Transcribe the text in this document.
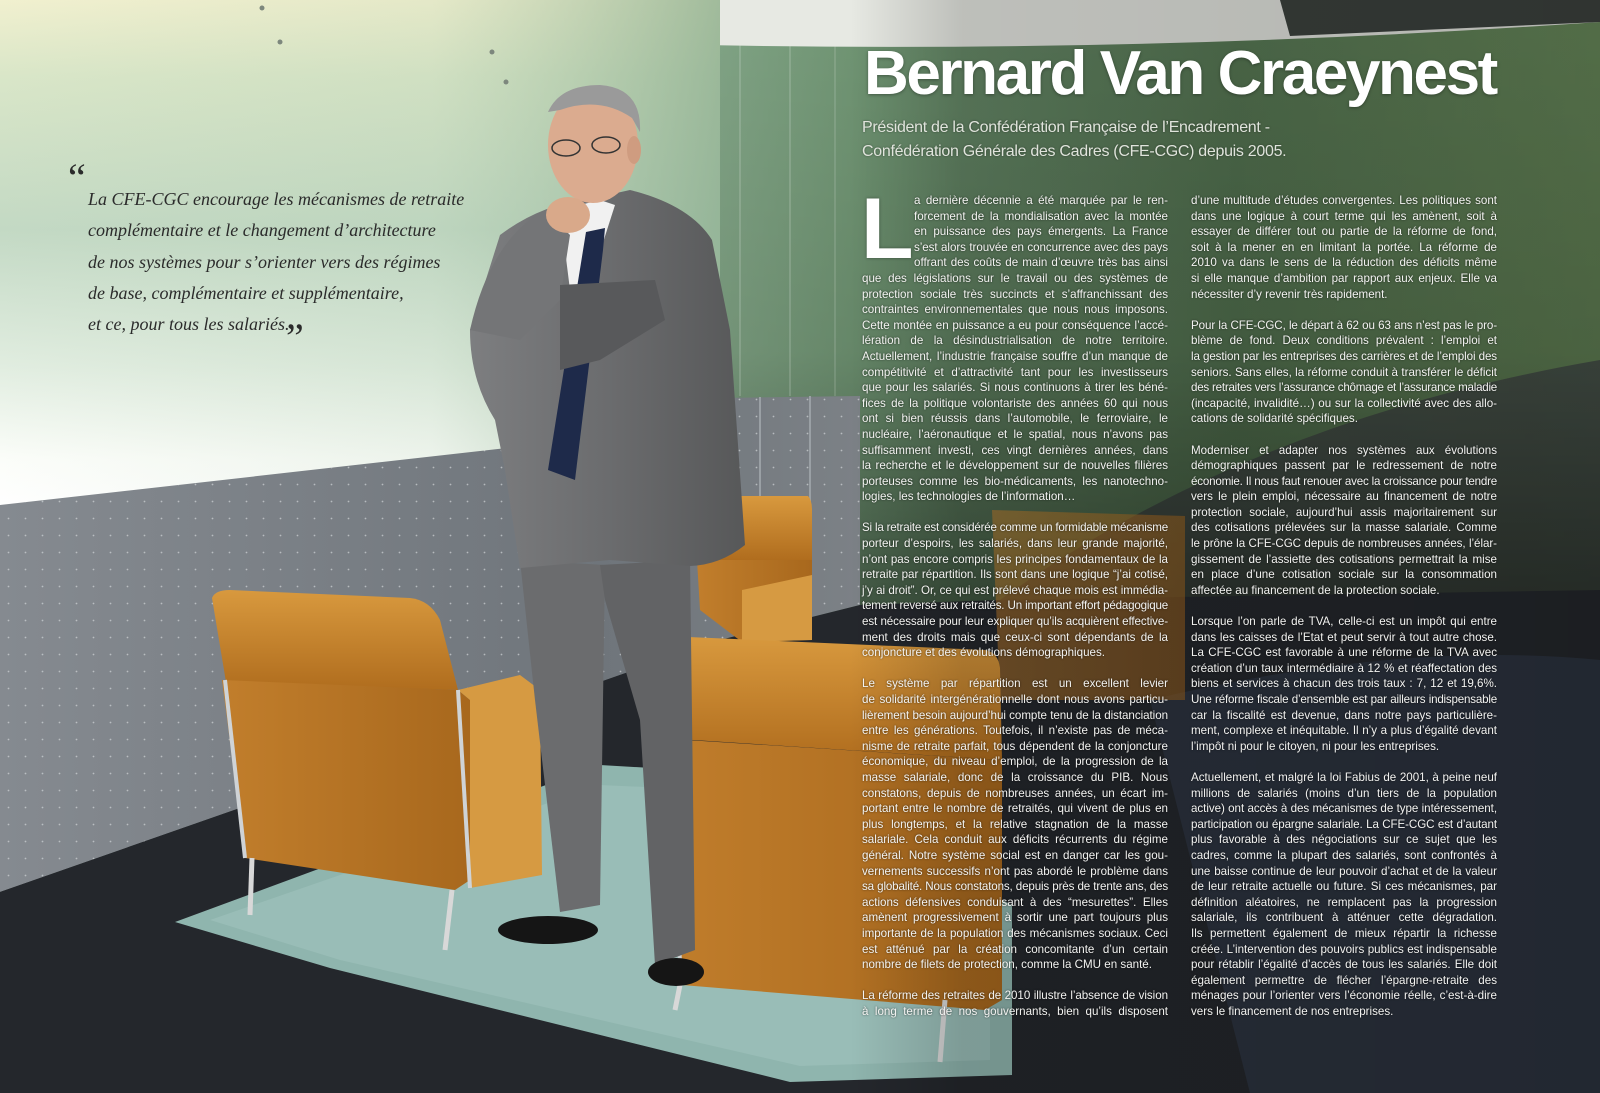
Bernard Van Craeynest
Président de la Confédération Française de l’Encadrement -
Confédération Générale des Cadres (CFE-CGC) depuis 2005.
“ La CFE-CGC encourage les mécanismes de retraite
complémentaire et le changement d’architecture
de nos systèmes pour s’orienter vers des régimes
de base, complémentaire et supplémentaire,
et ce, pour tous les salariés.
”
L a dernière décennie a été marquée par le ren-
forcement de la mondialisation avec la montée
en puissance des pays émergents. La France
s’est alors trouvée en concurrence avec des pays
offrant des coûts de main d’œuvre très bas ainsi
que des législations sur le travail ou des systèmes de
protection sociale très succincts et s’affranchissant des
contraintes environnementales que nous nous imposons.
Cette montée en puissance a eu pour conséquence l’accé-
lération de la désindustrialisation de notre territoire.
Actuellement, l’industrie française souffre d’un manque de
compétitivité et d’attractivité tant pour les investisseurs
que pour les salariés. Si nous continuons à tirer les béné-
fices de la politique volontariste des années 60 qui nous
ont si bien réussis dans l’automobile, le ferroviaire, le
nucléaire, l’aéronautique et le spatial, nous n’avons pas
suffisamment investi, ces vingt dernières années, dans
la recherche et le développement sur de nouvelles filières
porteuses comme les bio-médicaments, les nanotechno-
logies, les technologies de l’information…
Si la retraite est considérée comme un formidable mécanisme
porteur d’espoirs, les salariés, dans leur grande majorité,
n’ont pas encore compris les principes fondamentaux de la
retraite par répartition. Ils sont dans une logique “j’ai cotisé,
j’y ai droit”. Or, ce qui est prélevé chaque mois est immédia-
tement reversé aux retraités. Un important effort pédagogique
est nécessaire pour leur expliquer qu’ils acquièrent effective-
ment des droits mais que ceux-ci sont dépendants de la
conjoncture et des évolutions démographiques.
Le système par répartition est un excellent levier
de solidarité intergénérationnelle dont nous avons particu-
lièrement besoin aujourd’hui compte tenu de la distanciation
entre les générations. Toutefois, il n’existe pas de méca-
nisme de retraite parfait, tous dépendent de la conjoncture
économique, du niveau d’emploi, de la progression de la
masse salariale, donc de la croissance du PIB. Nous
constatons, depuis de nombreuses années, un écart im-
portant entre le nombre de retraités, qui vivent de plus en
plus longtemps, et la relative stagnation de la masse
salariale. Cela conduit aux déficits récurrents du régime
général. Notre système social est en danger car les gou-
vernements successifs n’ont pas abordé le problème dans
sa globalité. Nous constatons, depuis près de trente ans, des
actions défensives conduisant à des “mesurettes”. Elles
amènent progressivement à sortir une part toujours plus
importante de la population des mécanismes sociaux. Ceci
est atténué par la création concomitante d’un certain
nombre de filets de protection, comme la CMU en santé.
La réforme des retraites de 2010 illustre l’absence de vision
à long terme de nos gouvernants, bien qu’ils disposent
d’une multitude d’études convergentes. Les politiques sont
dans une logique à court terme qui les amènent, soit à
essayer de différer tout ou partie de la réforme de fond,
soit à la mener en en limitant la portée. La réforme de
2010 va dans le sens de la réduction des déficits même
si elle manque d’ambition par rapport aux enjeux. Elle va
nécessiter d’y revenir très rapidement.
Pour la CFE-CGC, le départ à 62 ou 63 ans n’est pas le pro-
blème de fond. Deux conditions prévalent : l’emploi et
la gestion par les entreprises des carrières et de l’emploi des
seniors. Sans elles, la réforme conduit à transférer le déficit
des retraites vers l’assurance chômage et l’assurance maladie
(incapacité, invalidité…) ou sur la collectivité avec des allo-
cations de solidarité spécifiques.
Moderniser et adapter nos systèmes aux évolutions
démographiques passent par le redressement de notre
économie. Il nous faut renouer avec la croissance pour tendre
vers le plein emploi, nécessaire au financement de notre
protection sociale, aujourd’hui assis majoritairement sur
des cotisations prélevées sur la masse salariale. Comme
le prône la CFE-CGC depuis de nombreuses années, l’élar-
gissement de l’assiette des cotisations permettrait la mise
en place d’une cotisation sociale sur la consommation
affectée au financement de la protection sociale.
Lorsque l’on parle de TVA, celle-ci est un impôt qui entre
dans les caisses de l’Etat et peut servir à tout autre chose.
La CFE-CGC est favorable à une réforme de la TVA avec
création d’un taux intermédiaire à 12 % et réaffectation des
biens et services à chacun des trois taux : 7, 12 et 19,6%.
Une réforme fiscale d’ensemble est par ailleurs indispensable
car la fiscalité est devenue, dans notre pays particulière-
ment, complexe et inéquitable. Il n’y a plus d’égalité devant
l’impôt ni pour le citoyen, ni pour les entreprises.
Actuellement, et malgré la loi Fabius de 2001, à peine neuf
millions de salariés (moins d’un tiers de la population
active) ont accès à des mécanismes de type intéressement,
participation ou épargne salariale. La CFE-CGC est d’autant
plus favorable à des négociations sur ce sujet que les
cadres, comme la plupart des salariés, sont confrontés à
une baisse continue de leur pouvoir d’achat et de la valeur
de leur retraite actuelle ou future. Si ces mécanismes, par
définition aléatoires, ne remplacent pas la progression
salariale, ils contribuent à atténuer cette dégradation.
Ils permettent également de mieux répartir la richesse
créée. L’intervention des pouvoirs publics est indispensable
pour rétablir l’égalité d’accès de tous les salariés. Elle doit
également permettre de flécher l’épargne-retraite des
ménages pour l’orienter vers l’économie réelle, c’est-à-dire
vers le financement de nos entreprises.
